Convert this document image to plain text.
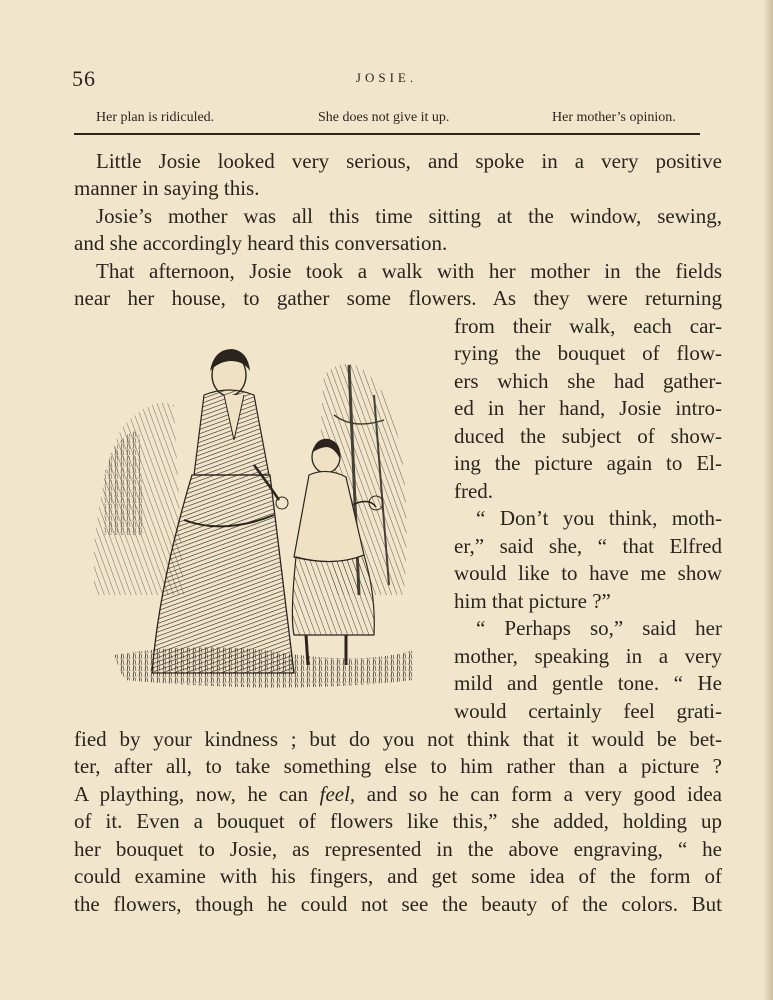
56	JOSIE.
Her plan is ridiculed.	She does not give it up.	Her mother’s opinion.
Little Josie looked very serious, and spoke in a very positive
manner in saying this.
Josie’s mother was all this time sitting at the window, sewing,
and she accordingly heard this conversation.
That afternoon, Josie took a walk with her mother in the fields
near her house, to gather some flowers. As they were returning
from their walk, each car-
rying the bouquet of flow-
ers which she had gather-
ed in her hand, Josie intro-
duced the subject of show-
ing the picture again to El-
fred.
“ Don’t you think, moth-
er,” said she, “ that Elfred
would like to have me show
him that picture ?”
“ Perhaps so,” said her
mother, speaking in a very
mild and gentle tone. “ He
would certainly feel grati-
fied by your kindness ; but do you not think that it would be bet-
ter, after all, to take something else to him rather than a picture ?
A plaything, now, he can feel, and so he can form a very good idea
of it. Even a bouquet of flowers like this,” she added, holding up
her bouquet to Josie, as represented in the above engraving, “ he
could examine with his fingers, and get some idea of the form of
the flowers, though he could not see the beauty of the colors. But
